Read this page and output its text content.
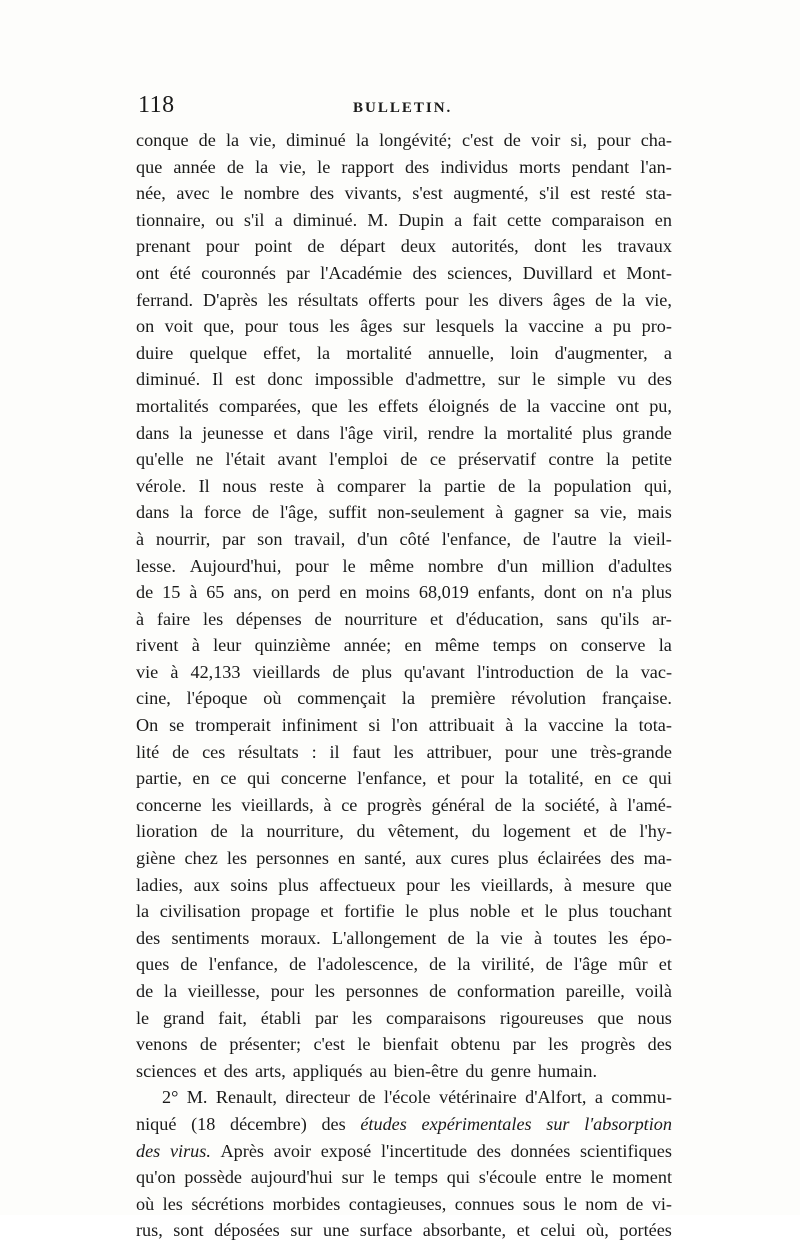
118	BULLETIN.
conque de la vie, diminué la longévité; c'est de voir si, pour cha-
que année de la vie, le rapport des individus morts pendant l'an-
née, avec le nombre des vivants, s'est augmenté, s'il est resté sta-
tionnaire, ou s'il a diminué. M. Dupin a fait cette comparaison en
prenant pour point de départ deux autorités, dont les travaux
ont été couronnés par l'Académie des sciences, Duvillard et Mont-
ferrand. D'après les résultats offerts pour les divers âges de la vie,
on voit que, pour tous les âges sur lesquels la vaccine a pu pro-
duire quelque effet, la mortalité annuelle, loin d'augmenter, a
diminué. Il est donc impossible d'admettre, sur le simple vu des
mortalités comparées, que les effets éloignés de la vaccine ont pu,
dans la jeunesse et dans l'âge viril, rendre la mortalité plus grande
qu'elle ne l'était avant l'emploi de ce préservatif contre la petite
vérole. Il nous reste à comparer la partie de la population qui,
dans la force de l'âge, suffit non-seulement à gagner sa vie, mais
à nourrir, par son travail, d'un côté l'enfance, de l'autre la vieil-
lesse. Aujourd'hui, pour le même nombre d'un million d'adultes
de 15 à 65 ans, on perd en moins 68,019 enfants, dont on n'a plus
à faire les dépenses de nourriture et d'éducation, sans qu'ils ar-
rivent à leur quinzième année; en même temps on conserve la
vie à 42,133 vieillards de plus qu'avant l'introduction de la vac-
cine, l'époque où commençait la première révolution française.
On se tromperait infiniment si l'on attribuait à la vaccine la tota-
lité de ces résultats : il faut les attribuer, pour une très-grande
partie, en ce qui concerne l'enfance, et pour la totalité, en ce qui
concerne les vieillards, à ce progrès général de la société, à l'amé-
lioration de la nourriture, du vêtement, du logement et de l'hy-
giène chez les personnes en santé, aux cures plus éclairées des ma-
ladies, aux soins plus affectueux pour les vieillards, à mesure que
la civilisation propage et fortifie le plus noble et le plus touchant
des sentiments moraux. L'allongement de la vie à toutes les épo-
ques de l'enfance, de l'adolescence, de la virilité, de l'âge mûr et
de la vieillesse, pour les personnes de conformation pareille, voilà
le grand fait, établi par les comparaisons rigoureuses que nous
venons de présenter; c'est le bienfait obtenu par les progrès des
sciences et des arts, appliqués au bien-être du genre humain.
2° M. Renault, directeur de l'école vétérinaire d'Alfort, a commu-
niqué (18 décembre) des études expérimentales sur l'absorption
des virus. Après avoir exposé l'incertitude des données scientifiques
qu'on possède aujourd'hui sur le temps qui s'écoule entre le moment
où les sécrétions morbides contagieuses, connues sous le nom de vi-
rus, sont déposées sur une surface absorbante, et celui où, portées
